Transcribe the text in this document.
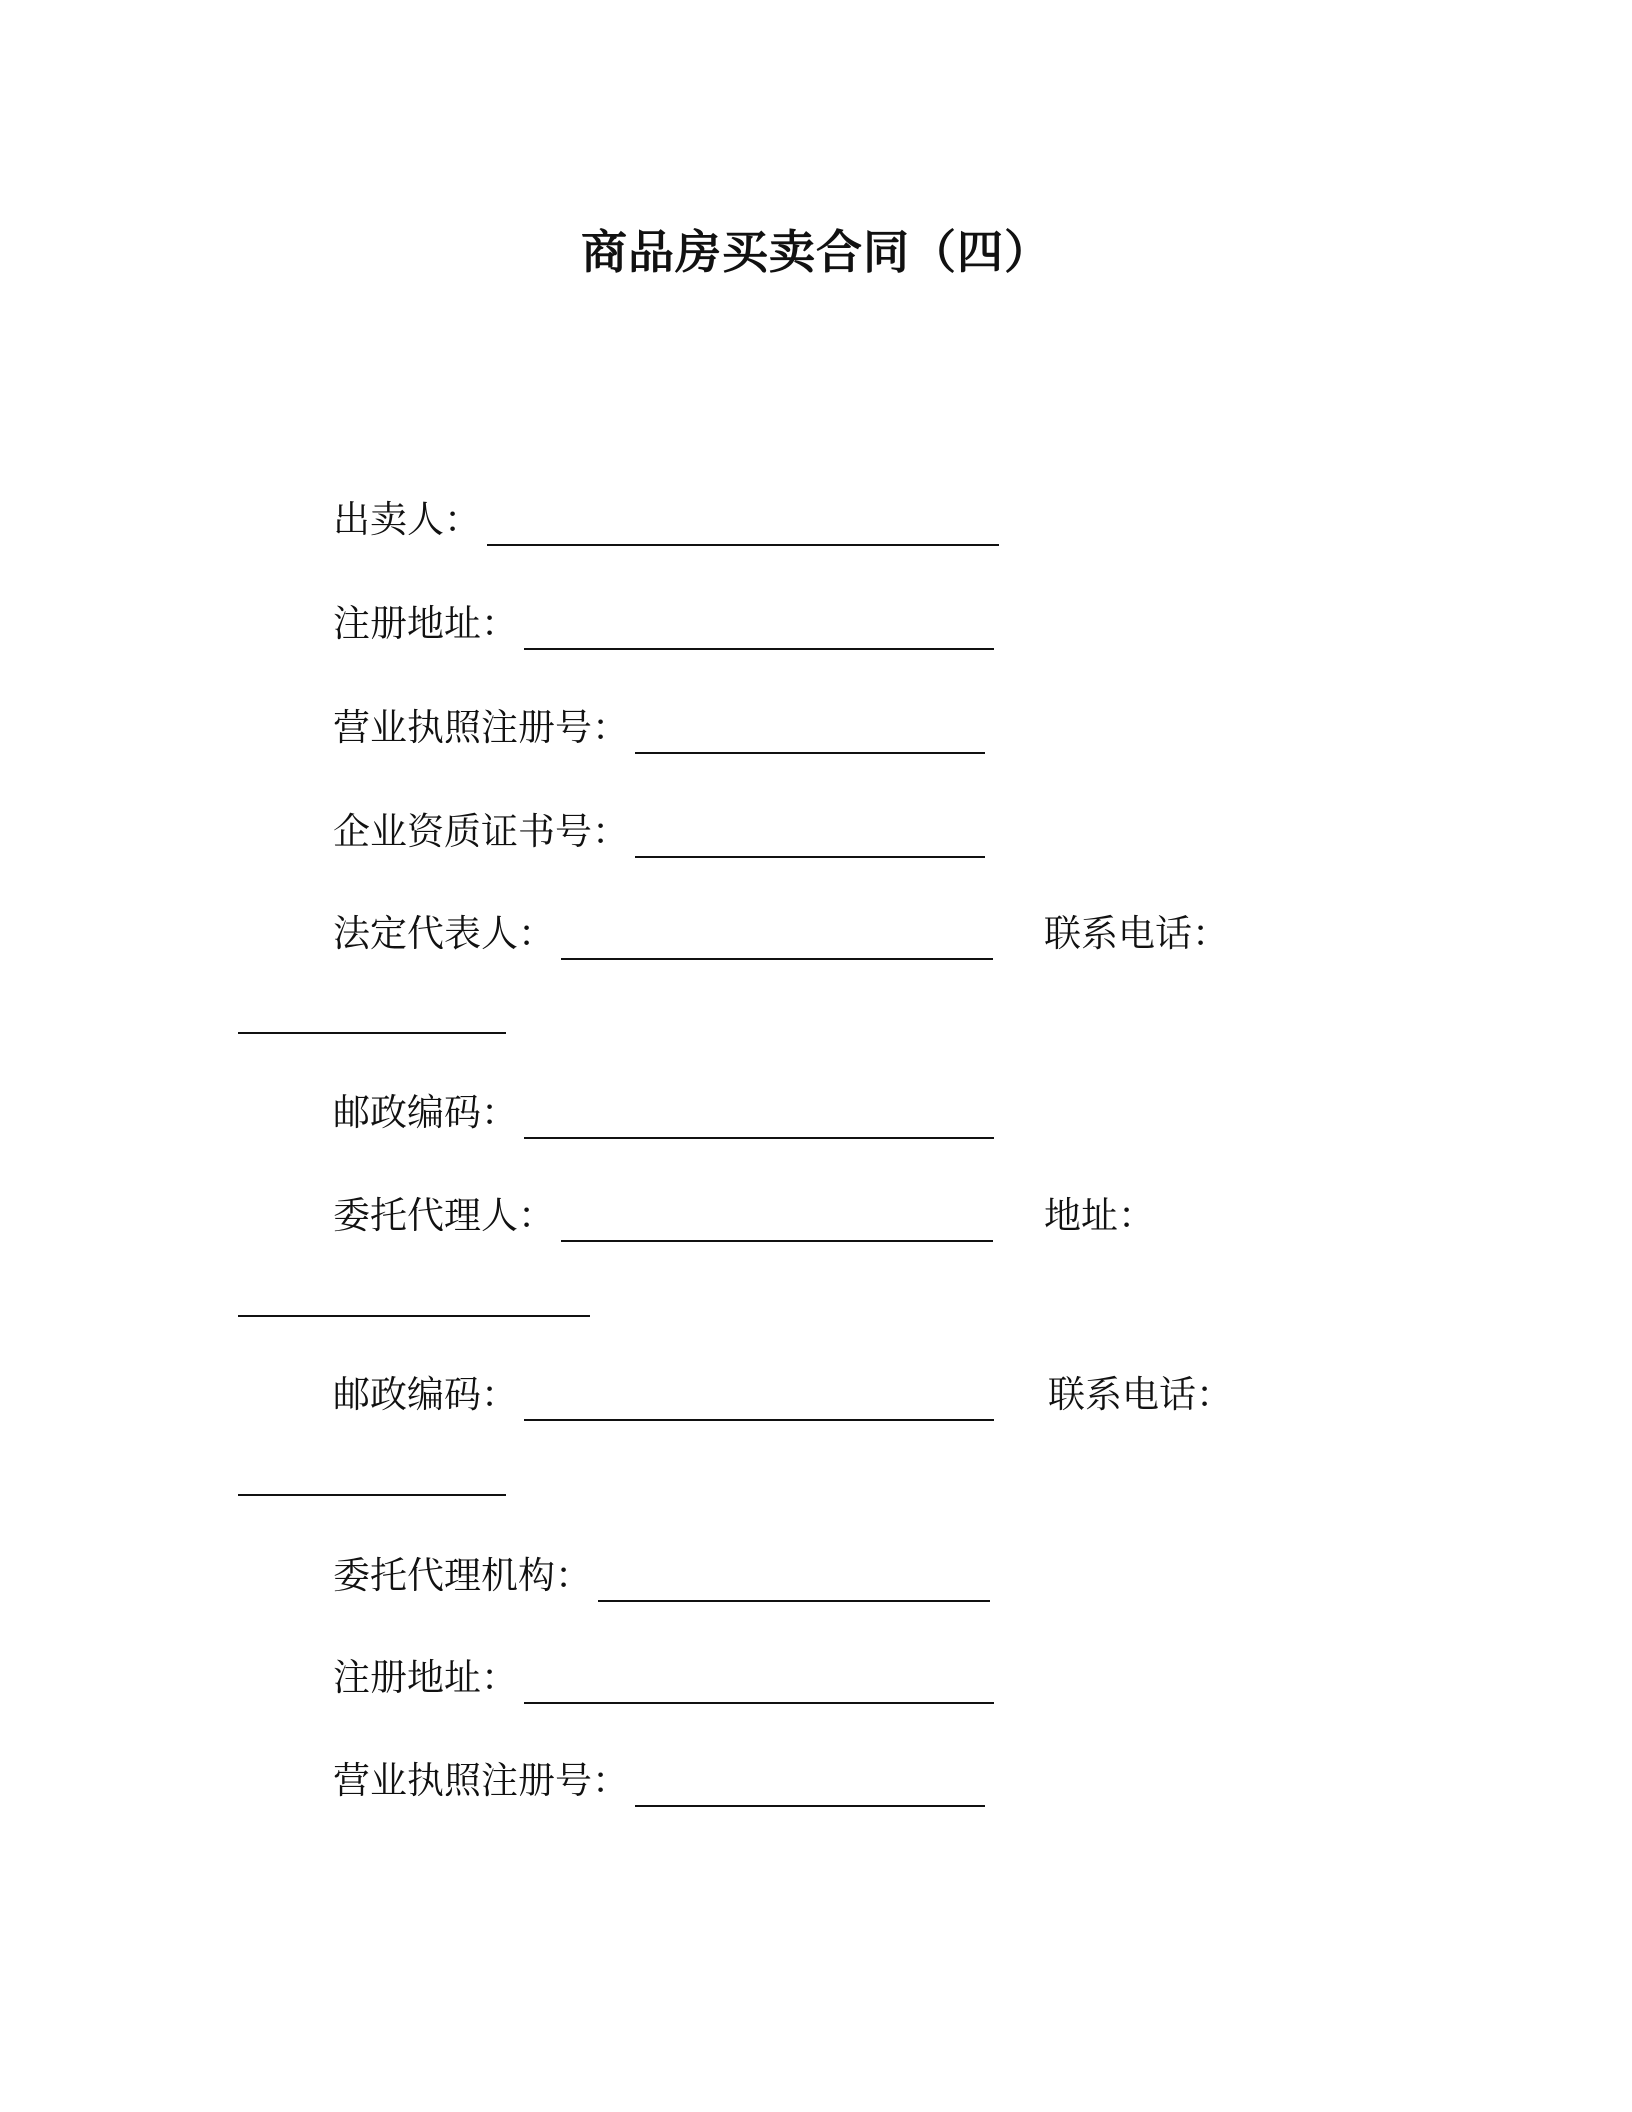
商品房买卖合同（四）
出卖人：
注册地址：
营业执照注册号：
企业资质证书号：
法定代表人：	联系电话：
邮政编码：
委托代理人：	地址：
邮政编码：	联系电话：
委托代理机构：
注册地址：
营业执照注册号：
